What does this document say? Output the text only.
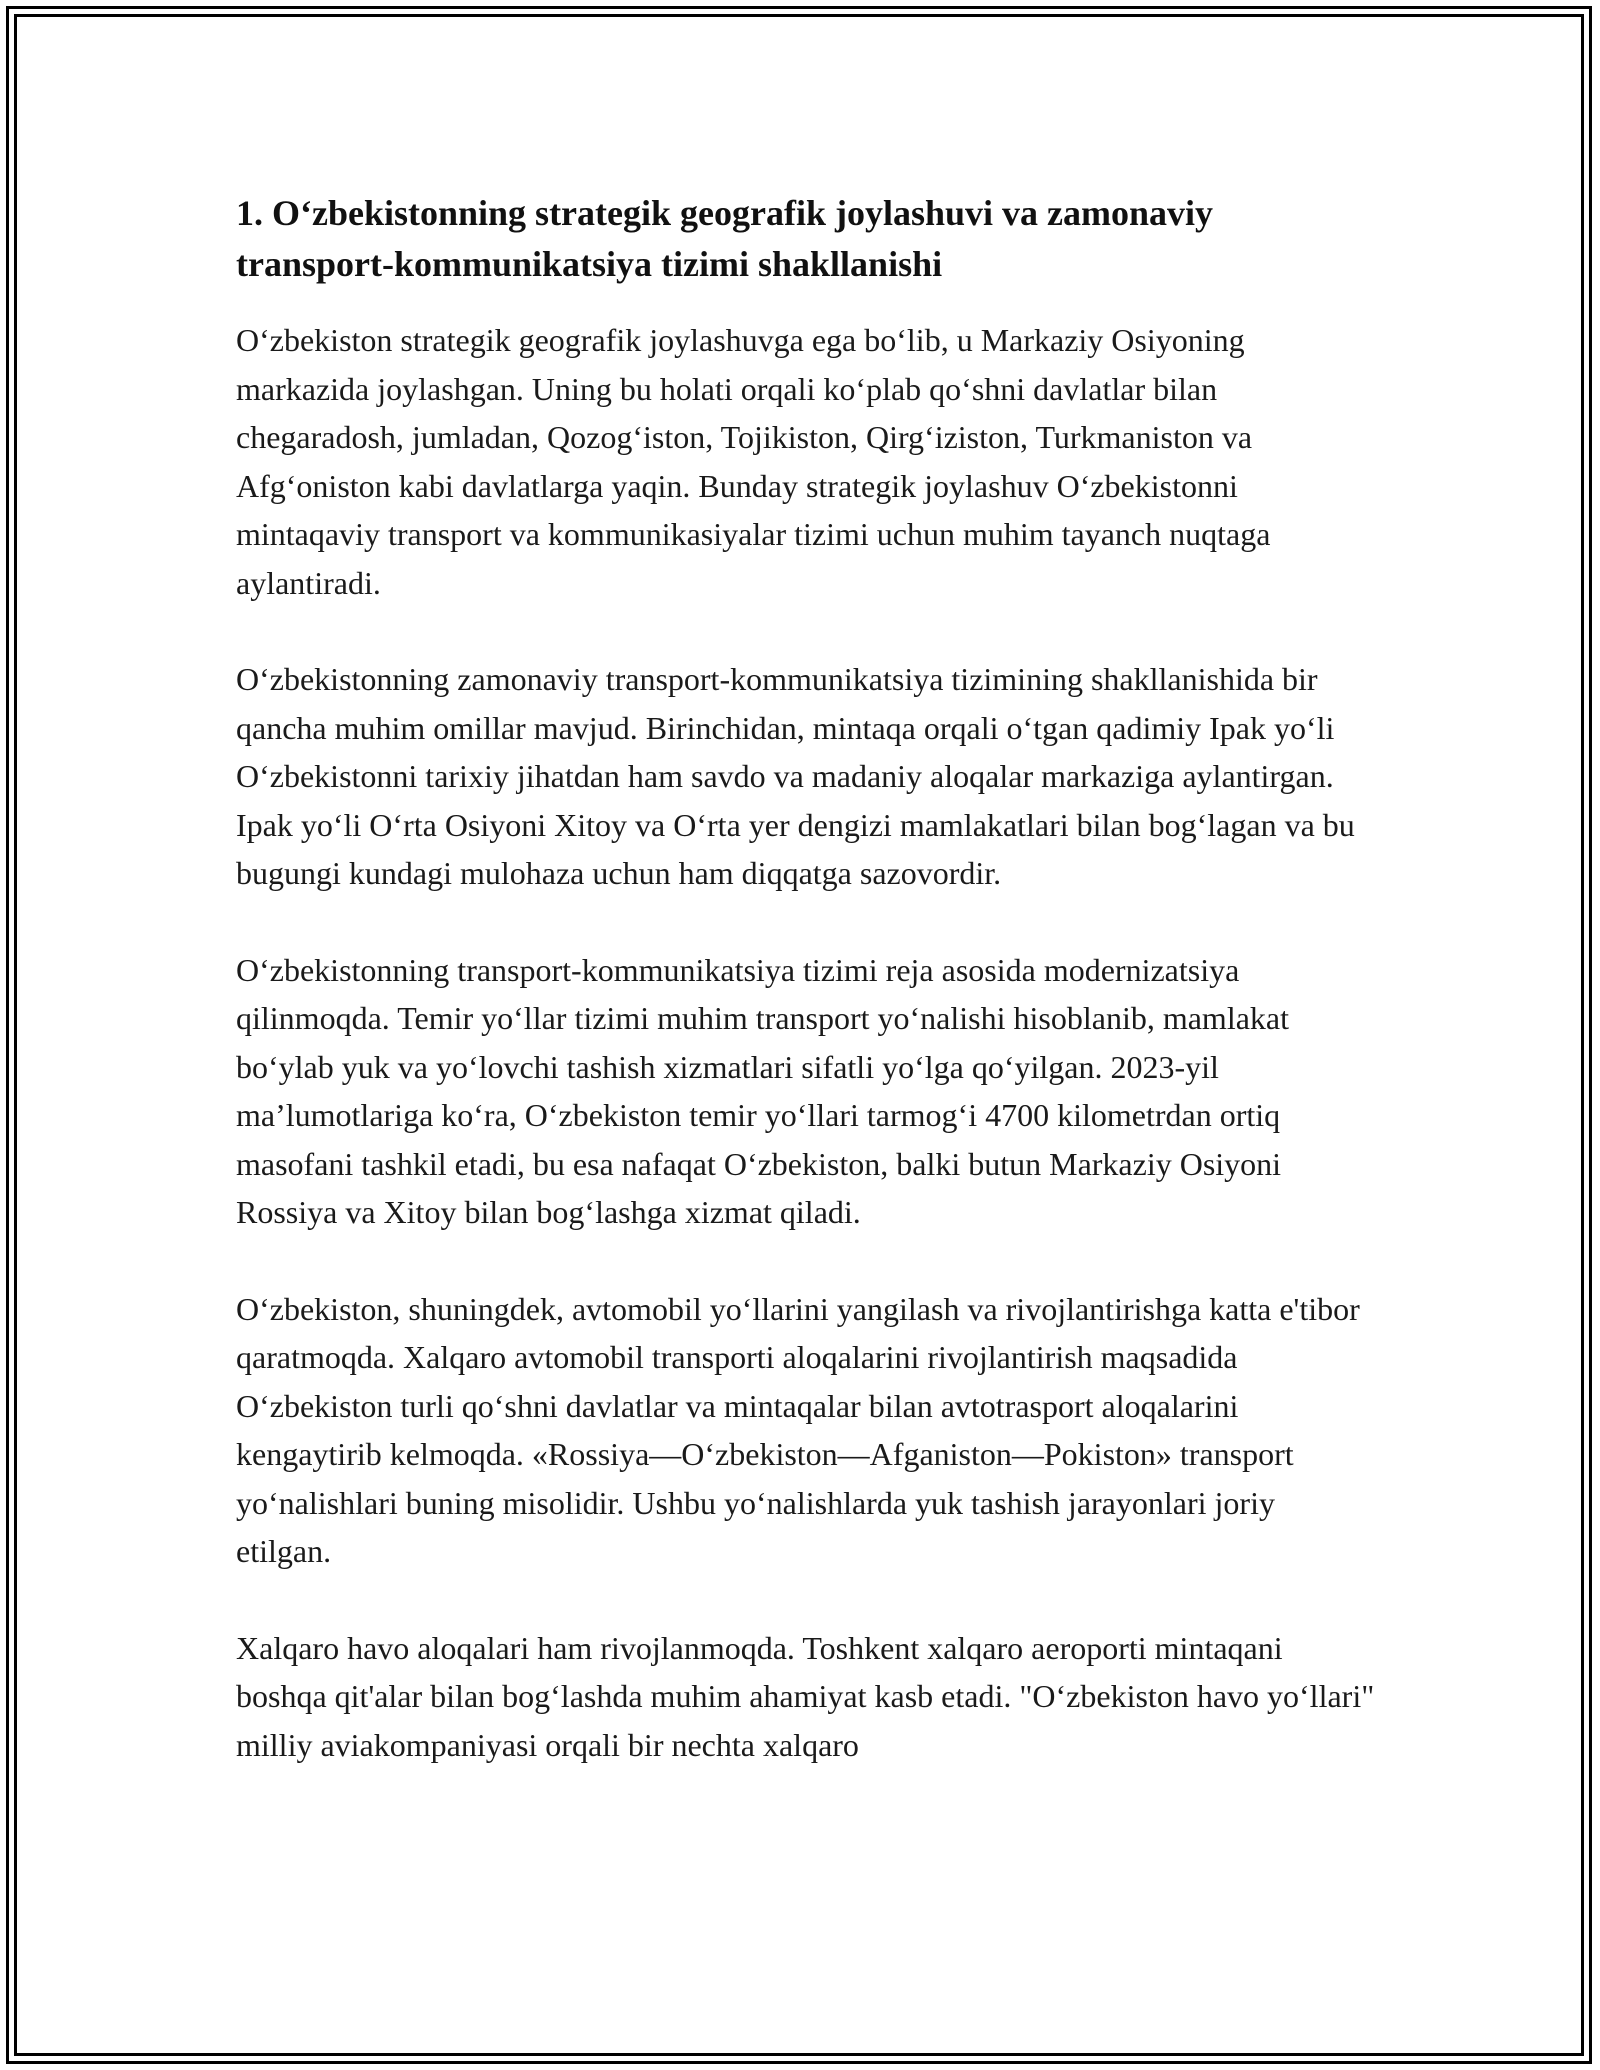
1. O‘zbekistonning strategik geografik joylashuvi va zamonaviy transport-kommunikatsiya tizimi shakllanishi

O‘zbekiston strategik geografik joylashuvga ega bo‘lib, u Markaziy Osiyoning markazida joylashgan. Uning bu holati orqali ko‘plab qo‘shni davlatlar bilan chegaradosh, jumladan, Qozog‘iston, Tojikiston, Qirg‘iziston, Turkmaniston va Afg‘oniston kabi davlatlarga yaqin. Bunday strategik joylashuv O‘zbekistonni mintaqaviy transport va kommunikasiyalar tizimi uchun muhim tayanch nuqtaga aylantiradi.

O‘zbekistonning zamonaviy transport-kommunikatsiya tizimining shakllanishida bir qancha muhim omillar mavjud. Birinchidan, mintaqa orqali o‘tgan qadimiy Ipak yo‘li O‘zbekistonni tarixiy jihatdan ham savdo va madaniy aloqalar markaziga aylantirgan. Ipak yo‘li O‘rta Osiyoni Xitoy va O‘rta yer dengizi mamlakatlari bilan bog‘lagan va bu bugungi kundagi mulohaza uchun ham diqqatga sazovordir.

O‘zbekistonning transport-kommunikatsiya tizimi reja asosida modernizatsiya qilinmoqda. Temir yo‘llar tizimi muhim transport yo‘nalishi hisoblanib, mamlakat bo‘ylab yuk va yo‘lovchi tashish xizmatlari sifatli yo‘lga qo‘yilgan. 2023-yil ma’lumotlariga ko‘ra, O‘zbekiston temir yo‘llari tarmog‘i 4700 kilometrdan ortiq masofani tashkil etadi, bu esa nafaqat O‘zbekiston, balki butun Markaziy Osiyoni Rossiya va Xitoy bilan bog‘lashga xizmat qiladi.

O‘zbekiston, shuningdek, avtomobil yo‘llarini yangilash va rivojlantirishga katta e'tibor qaratmoqda. Xalqaro avtomobil transporti aloqalarini rivojlantirish maqsadida O‘zbekiston turli qo‘shni davlatlar va mintaqalar bilan avtotrasport aloqalarini kengaytirib kelmoqda. «Rossiya—O‘zbekiston—Afganiston—Pokiston» transport yo‘nalishlari buning misolidir. Ushbu yo‘nalishlarda yuk tashish jarayonlari joriy etilgan.

Xalqaro havo aloqalari ham rivojlanmoqda. Toshkent xalqaro aeroporti mintaqani boshqa qit'alar bilan bog‘lashda muhim ahamiyat kasb etadi. "O‘zbekiston havo yo‘llari" milliy aviakompaniyasi orqali bir nechta xalqaro
